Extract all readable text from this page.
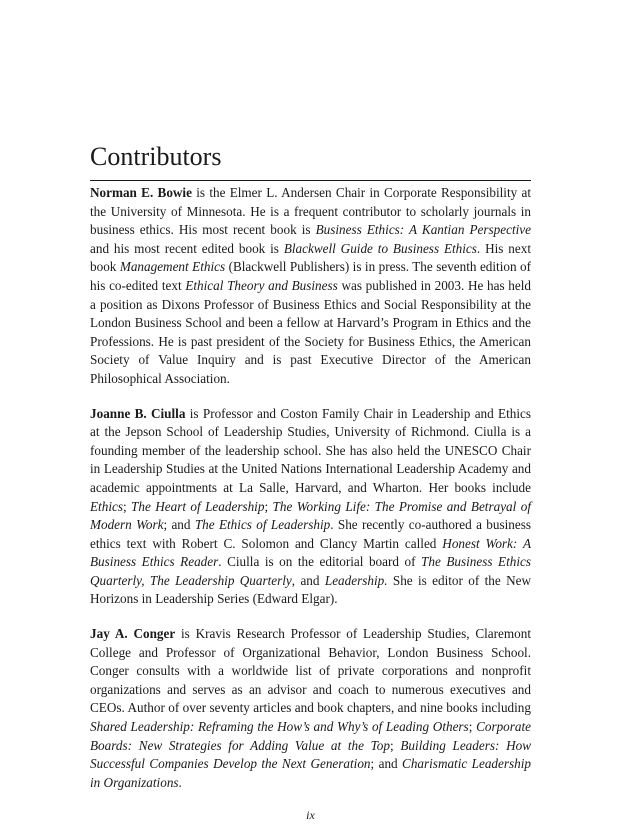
Contributors

Norman E. Bowie is the Elmer L. Andersen Chair in Corporate Responsibility at the University of Minnesota. He is a frequent contributor to scholarly journals in business ethics. His most recent book is Business Ethics: A Kantian Perspective and his most recent edited book is Blackwell Guide to Business Ethics. His next book Management Ethics (Blackwell Publishers) is in press. The seventh edition of his co-edited text Ethical Theory and Business was published in 2003. He has held a position as Dixons Professor of Business Ethics and Social Responsibility at the London Business School and been a fellow at Harvard’s Program in Ethics and the Professions. He is past president of the Society for Business Ethics, the American Society of Value Inquiry and is past Executive Director of the American Philosophical Association.

Joanne B. Ciulla is Professor and Coston Family Chair in Leadership and Ethics at the Jepson School of Leadership Studies, University of Richmond. Ciulla is a founding member of the leadership school. She has also held the UNESCO Chair in Leadership Studies at the United Nations International Leadership Academy and academic appointments at La Salle, Harvard, and Wharton. Her books include Ethics; The Heart of Leadership; The Working Life: The Promise and Betrayal of Modern Work; and The Ethics of Leadership. She recently co-authored a business ethics text with Robert C. Solomon and Clancy Martin called Honest Work: A Business Ethics Reader. Ciulla is on the editorial board of The Business Ethics Quarterly, The Leadership Quarterly, and Leadership. She is editor of the New Horizons in Leadership Series (Edward Elgar).

Jay A. Conger is Kravis Research Professor of Leadership Studies, Claremont College and Professor of Organizational Behavior, London Business School. Conger consults with a worldwide list of private corporations and nonprofit organizations and serves as an advisor and coach to numerous executives and CEOs. Author of over seventy articles and book chapters, and nine books including Shared Leadership: Reframing the How’s and Why’s of Leading Others; Corporate Boards: New Strategies for Adding Value at the Top; Building Leaders: How Successful Companies Develop the Next Generation; and Charismatic Leadership in Organizations.

ix
